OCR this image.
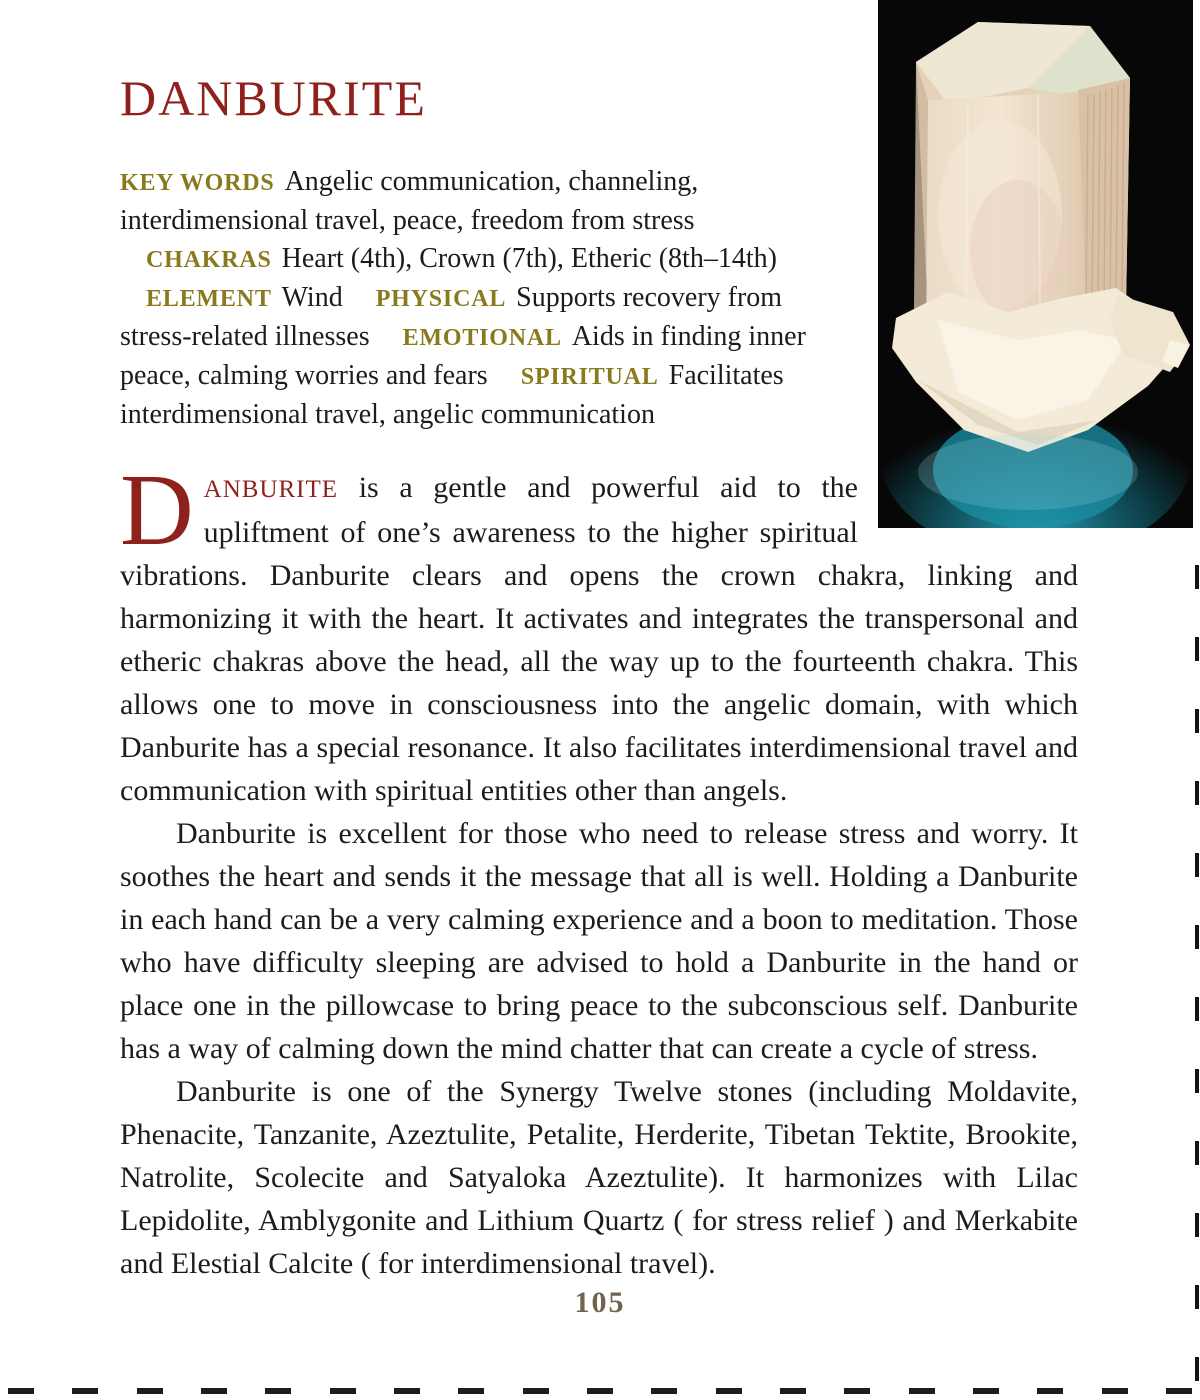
DANBURITE
KEY WORDS Angelic communication, channeling, interdimensional travel, peace, freedom from stress CHAKRAS Heart (4th), Crown (7th), Etheric (8th–14th) ELEMENT Wind PHYSICAL Supports recovery from stress-related illnesses EMOTIONAL Aids in finding inner peace, calming worries and fears SPIRITUAL Facilitates interdimensional travel, angelic communication

DANBURITE is a gentle and powerful aid to the upliftment of one’s awareness to the higher spiritual vibrations. Danburite clears and opens the crown chakra, linking and harmonizing it with the heart. It activates and integrates the transpersonal and etheric chakras above the head, all the way up to the fourteenth chakra. This allows one to move in consciousness into the angelic domain, with which Danburite has a special resonance. It also facilitates interdimensional travel and communication with spiritual entities other than angels.

Danburite is excellent for those who need to release stress and worry. It soothes the heart and sends it the message that all is well. Holding a Danburite in each hand can be a very calming experience and a boon to meditation. Those who have difficulty sleeping are advised to hold a Danburite in the hand or place one in the pillowcase to bring peace to the subconscious self. Danburite has a way of calming down the mind chatter that can create a cycle of stress.

Danburite is one of the Synergy Twelve stones (including Moldavite, Phenacite, Tanzanite, Azeztulite, Petalite, Herderite, Tibetan Tektite, Brookite, Natrolite, Scolecite and Satyaloka Azeztulite). It harmonizes with Lilac Lepidolite, Amblygonite and Lithium Quartz ( for stress relief ) and Merkabite and Elestial Calcite ( for interdimensional travel).

105
